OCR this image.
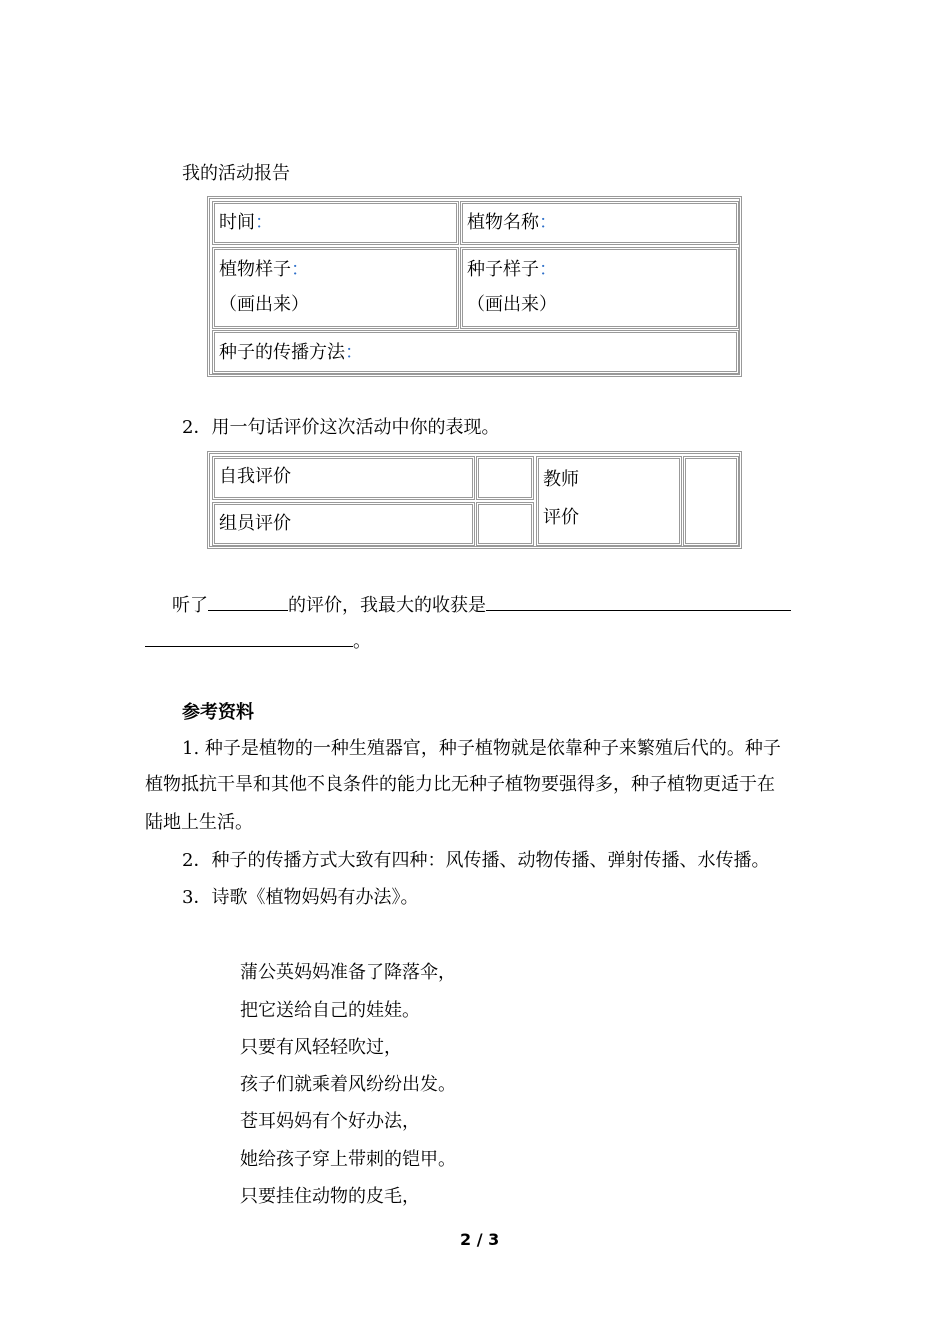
我的活动报告
时间：	植物名称：
植物样子：
（画出来）
种子样子：
（画出来）
种子的传播方法：
2．用一句话评价这次活动中你的表现。
自我评价
组员评价
教师
评价
听了	的评价，我最大的收获是
。
参考资料
1. 种子是植物的一种生殖器官，种子植物就是依靠种子来繁殖后代的。种子
植物抵抗干旱和其他不良条件的能力比无种子植物要强得多，种子植物更适于在
陆地上生活。
2．种子的传播方式大致有四种：风传播、动物传播、弹射传播、水传播。
3．诗歌《植物妈妈有办法》。
蒲公英妈妈准备了降落伞，
把它送给自己的娃娃。
只要有风轻轻吹过，
孩子们就乘着风纷纷出发。
苍耳妈妈有个好办法，
她给孩子穿上带刺的铠甲。
只要挂住动物的皮毛，
2 / 3
